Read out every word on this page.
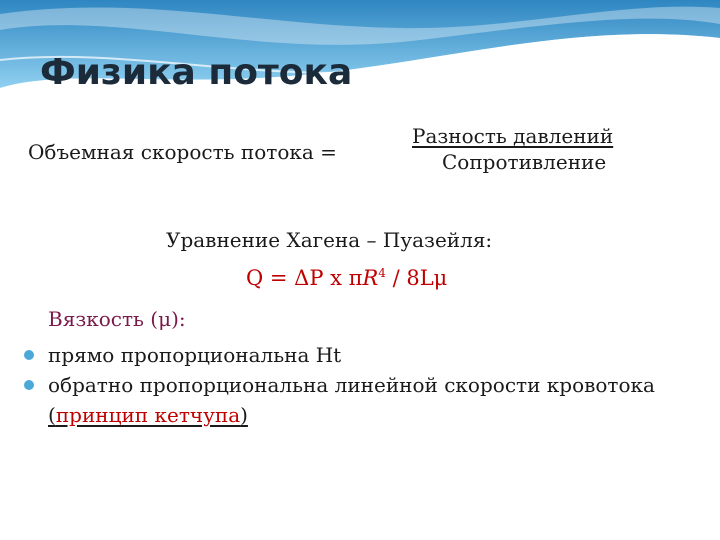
Физика потока
Объемная скорость потока =
Разность давлений
Сопротивление
Уравнение Хагена – Пуазейля:
Q = ΔP x $\pi R^4 / 8L\mu$
Вязкость (μ):
прямо пропорциональна Ht
обратно пропорциональна линейной скорости кровотока (принцип кетчупа)
